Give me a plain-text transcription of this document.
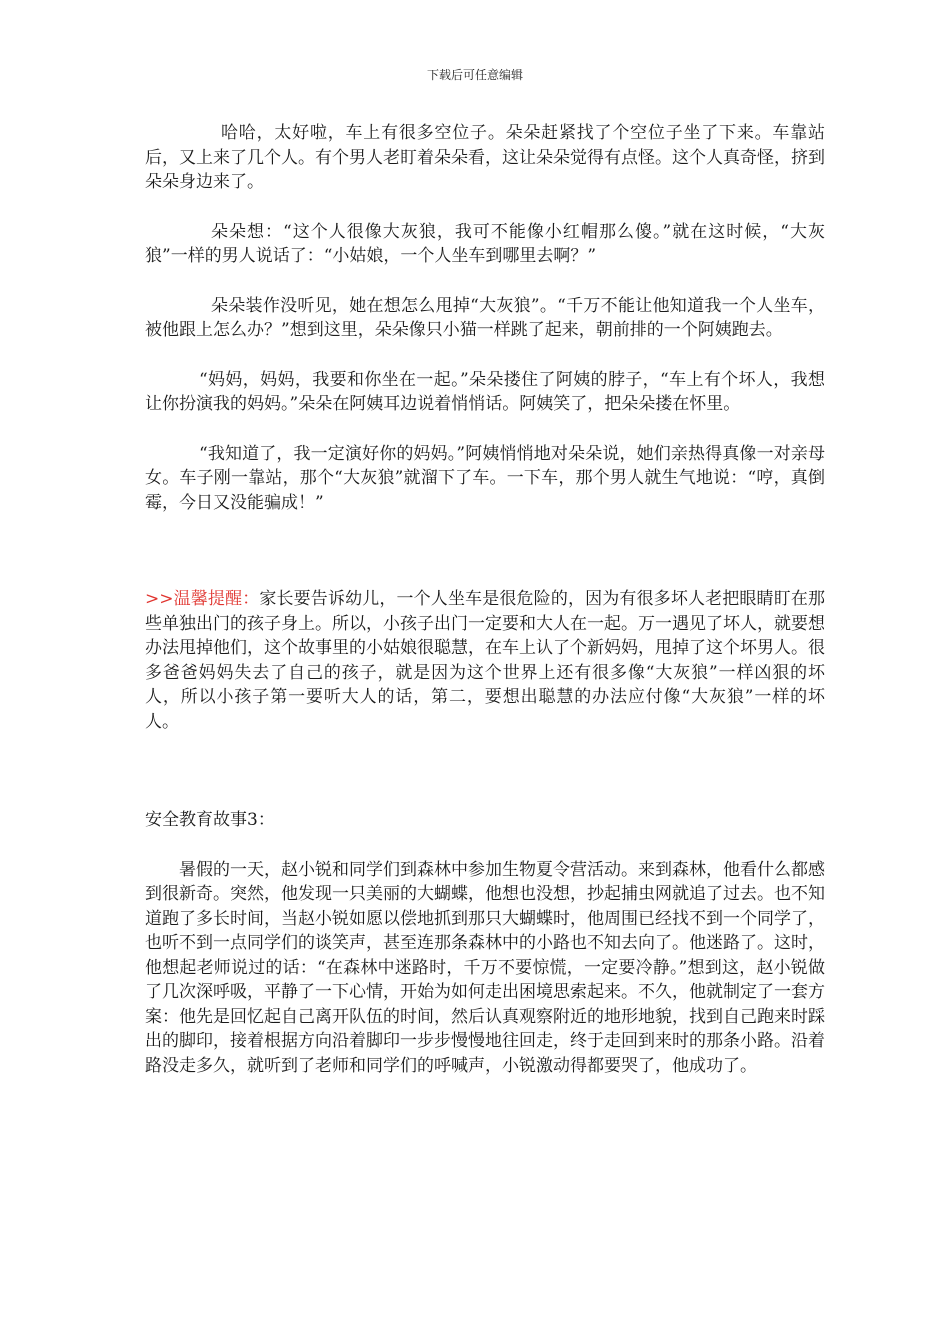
下载后可任意编辑

哈哈，太好啦，车上有很多空位子。朵朵赶紧找了个空位子坐了下来。车靠站后，又上来了几个人。有个男人老盯着朵朵看，这让朵朵觉得有点怪。这个人真奇怪，挤到朵朵身边来了。

朵朵想：“这个人很像大灰狼，我可不能像小红帽那么傻。”就在这时候，“大灰狼”一样的男人说话了：“小姑娘，一个人坐车到哪里去啊？”

朵朵装作没听见，她在想怎么甩掉“大灰狼”。“千万不能让他知道我一个人坐车，被他跟上怎么办？”想到这里，朵朵像只小猫一样跳了起来，朝前排的一个阿姨跑去。

“妈妈，妈妈，我要和你坐在一起。”朵朵搂住了阿姨的脖子，“车上有个坏人，我想让你扮演我的妈妈。”朵朵在阿姨耳边说着悄悄话。阿姨笑了，把朵朵搂在怀里。

“我知道了，我一定演好你的妈妈。”阿姨悄悄地对朵朵说，她们亲热得真像一对亲母女。车子刚一靠站，那个“大灰狼”就溜下了车。一下车，那个男人就生气地说：“哼，真倒霉，今日又没能骗成！”

>>温馨提醒：家长要告诉幼儿，一个人坐车是很危险的，因为有很多坏人老把眼睛盯在那些单独出门的孩子身上。所以，小孩子出门一定要和大人在一起。万一遇见了坏人，就要想办法甩掉他们，这个故事里的小姑娘很聪慧，在车上认了个新妈妈，甩掉了这个坏男人。很多爸爸妈妈失去了自己的孩子，就是因为这个世界上还有很多像“大灰狼”一样凶狠的坏人，所以小孩子第一要听大人的话，第二，要想出聪慧的办法应付像“大灰狼”一样的坏人。

安全教育故事3：

暑假的一天，赵小锐和同学们到森林中参加生物夏令营活动。来到森林，他看什么都感到很新奇。突然，他发现一只美丽的大蝴蝶，他想也没想，抄起捕虫网就追了过去。也不知道跑了多长时间，当赵小锐如愿以偿地抓到那只大蝴蝶时，他周围已经找不到一个同学了，也听不到一点同学们的谈笑声，甚至连那条森林中的小路也不知去向了。他迷路了。这时，他想起老师说过的话：“在森林中迷路时，千万不要惊慌，一定要冷静。”想到这，赵小锐做了几次深呼吸，平静了一下心情，开始为如何走出困境思索起来。不久，他就制定了一套方案：他先是回忆起自己离开队伍的时间，然后认真观察附近的地形地貌，找到自己跑来时踩出的脚印，接着根据方向沿着脚印一步步慢慢地往回走，终于走回到来时的那条小路。沿着路没走多久，就听到了老师和同学们的呼喊声，小锐激动得都要哭了，他成功了。
